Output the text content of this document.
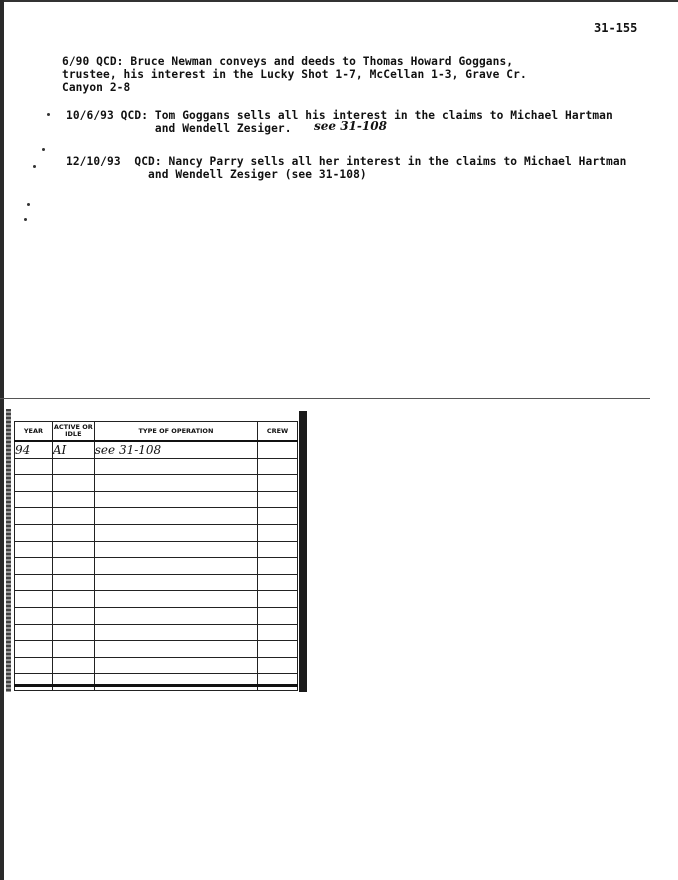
31-155
6/90 QCD: Bruce Newman conveys and deeds to Thomas Howard Goggans,
trustee, his interest in the Lucky Shot 1-7, McCellan 1-3, Grave Cr.
Canyon 2-8
10/6/93 QCD: Tom Goggans sells all his interest in the claims to Michael Hartman
and Wendell Zesiger. see 31-108
12/10/93  QCD: Nancy Parry sells all her interest in the claims to Michael Hartman
and Wendell Zesiger (see 31-108)
YEAR	ACTIVE OR IDLE	TYPE OF OPERATION	CREW
94	AI	see 31-108	
